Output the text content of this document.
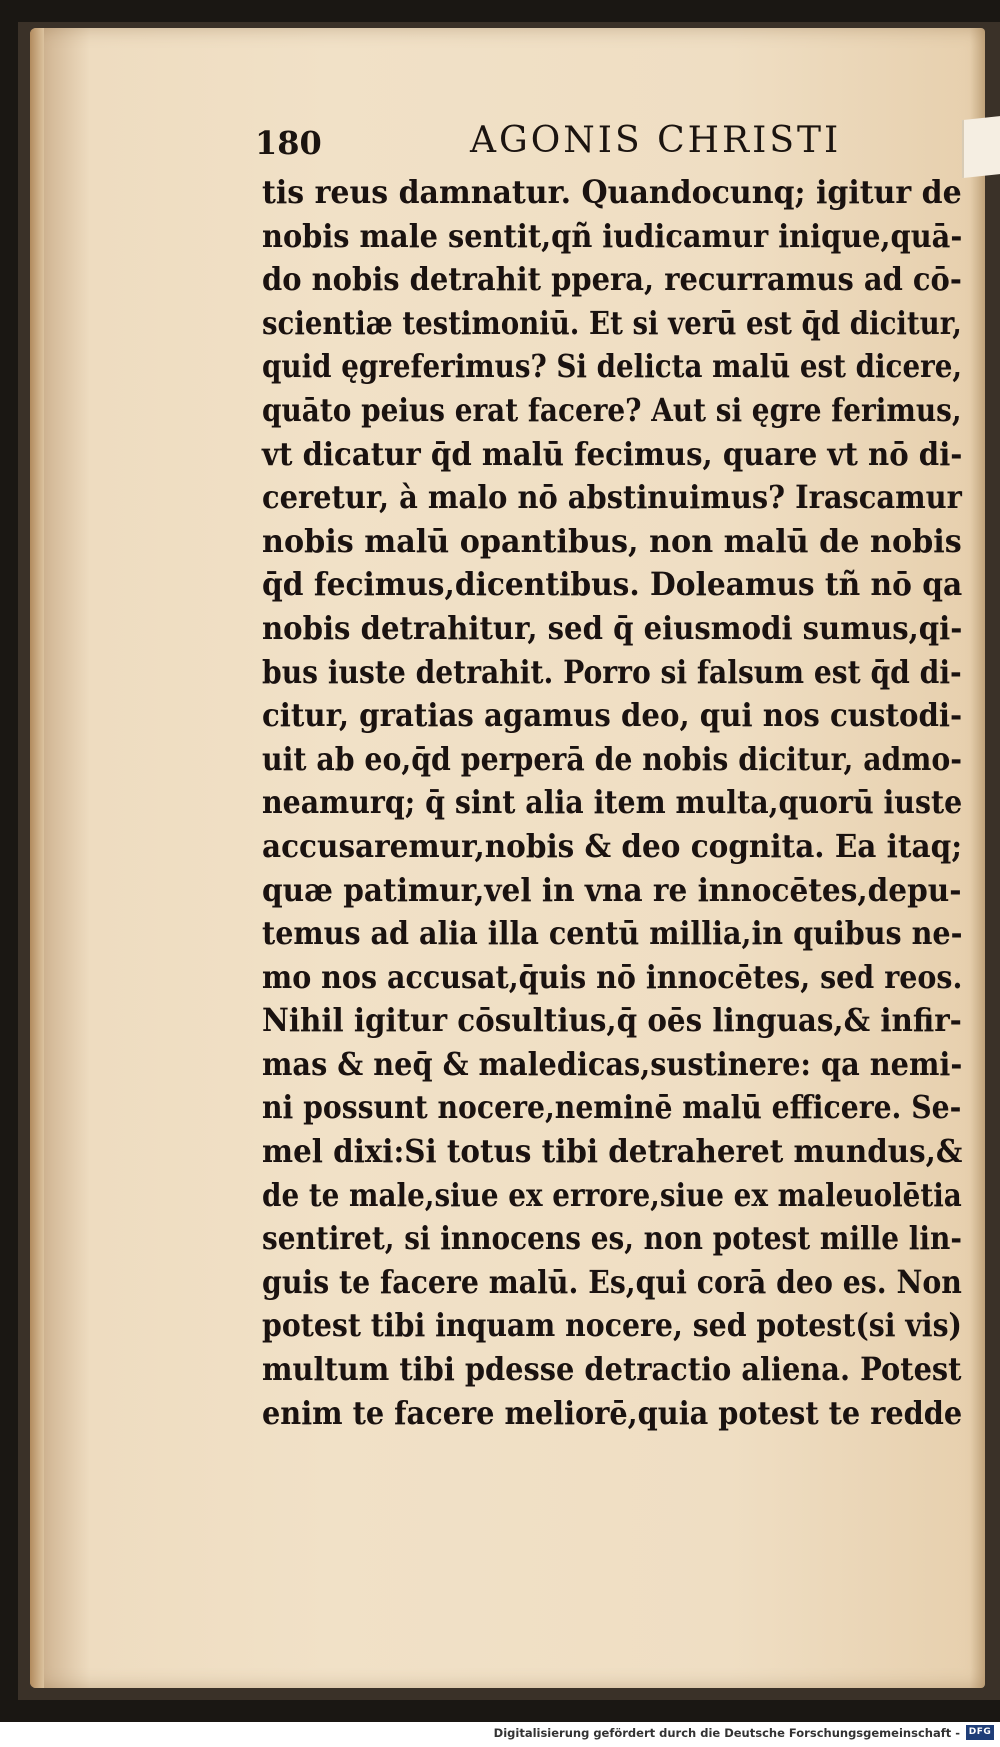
180	AGONIS CHRISTI
tis reus damnatur. Quandocunq; igitur de
nobis male sentit,qñ iudicamur inique,quā-
do nobis detrahit ppera, recurramus ad cō-
scientiæ testimoniū. Et si verū est q̄d dicitur,
quid ęgreferimus? Si delicta malū est dicere,
quāto peius erat facere? Aut si ęgre ferimus,
vt dicatur q̄d malū fecimus, quare vt nō di-
ceretur, à malo nō abstinuimus? Irascamur
nobis malū opantibus, non malū de nobis
q̄d fecimus,dicentibus. Doleamus tñ nō qa
nobis detrahitur, sed q̄ eiusmodi sumus,qi-
bus iuste detrahit. Porro si falsum est q̄d di-
citur, gratias agamus deo, qui nos custodi-
uit ab eo,q̄d perperā de nobis dicitur, admo-
neamurq; q̄ sint alia item multa,quorū iuste
accusaremur,nobis & deo cognita. Ea itaq;
quæ patimur,vel in vna re innocētes,depu-
temus ad alia illa centū millia,in quibus ne-
mo nos accusat,q̄uis nō innocētes, sed reos.
Nihil igitur cōsultius,q̄ oēs linguas,& infir-
mas & neq̄ & maledicas,sustinere: qa nemi-
ni possunt nocere,neminē malū efficere. Se-
mel dixi:Si totus tibi detraheret mundus,&
de te male,siue ex errore,siue ex maleuolētia
sentiret, si innocens es, non potest mille lin-
guis te facere malū. Es,qui corā deo es. Non
potest tibi inquam nocere, sed potest(si vis)
multum tibi pdesse detractio aliena. Potest
enim te facere meliorē,quia potest te redde
Digitalisierung gefördert durch die Deutsche Forschungsgemeinschaft - DFG
